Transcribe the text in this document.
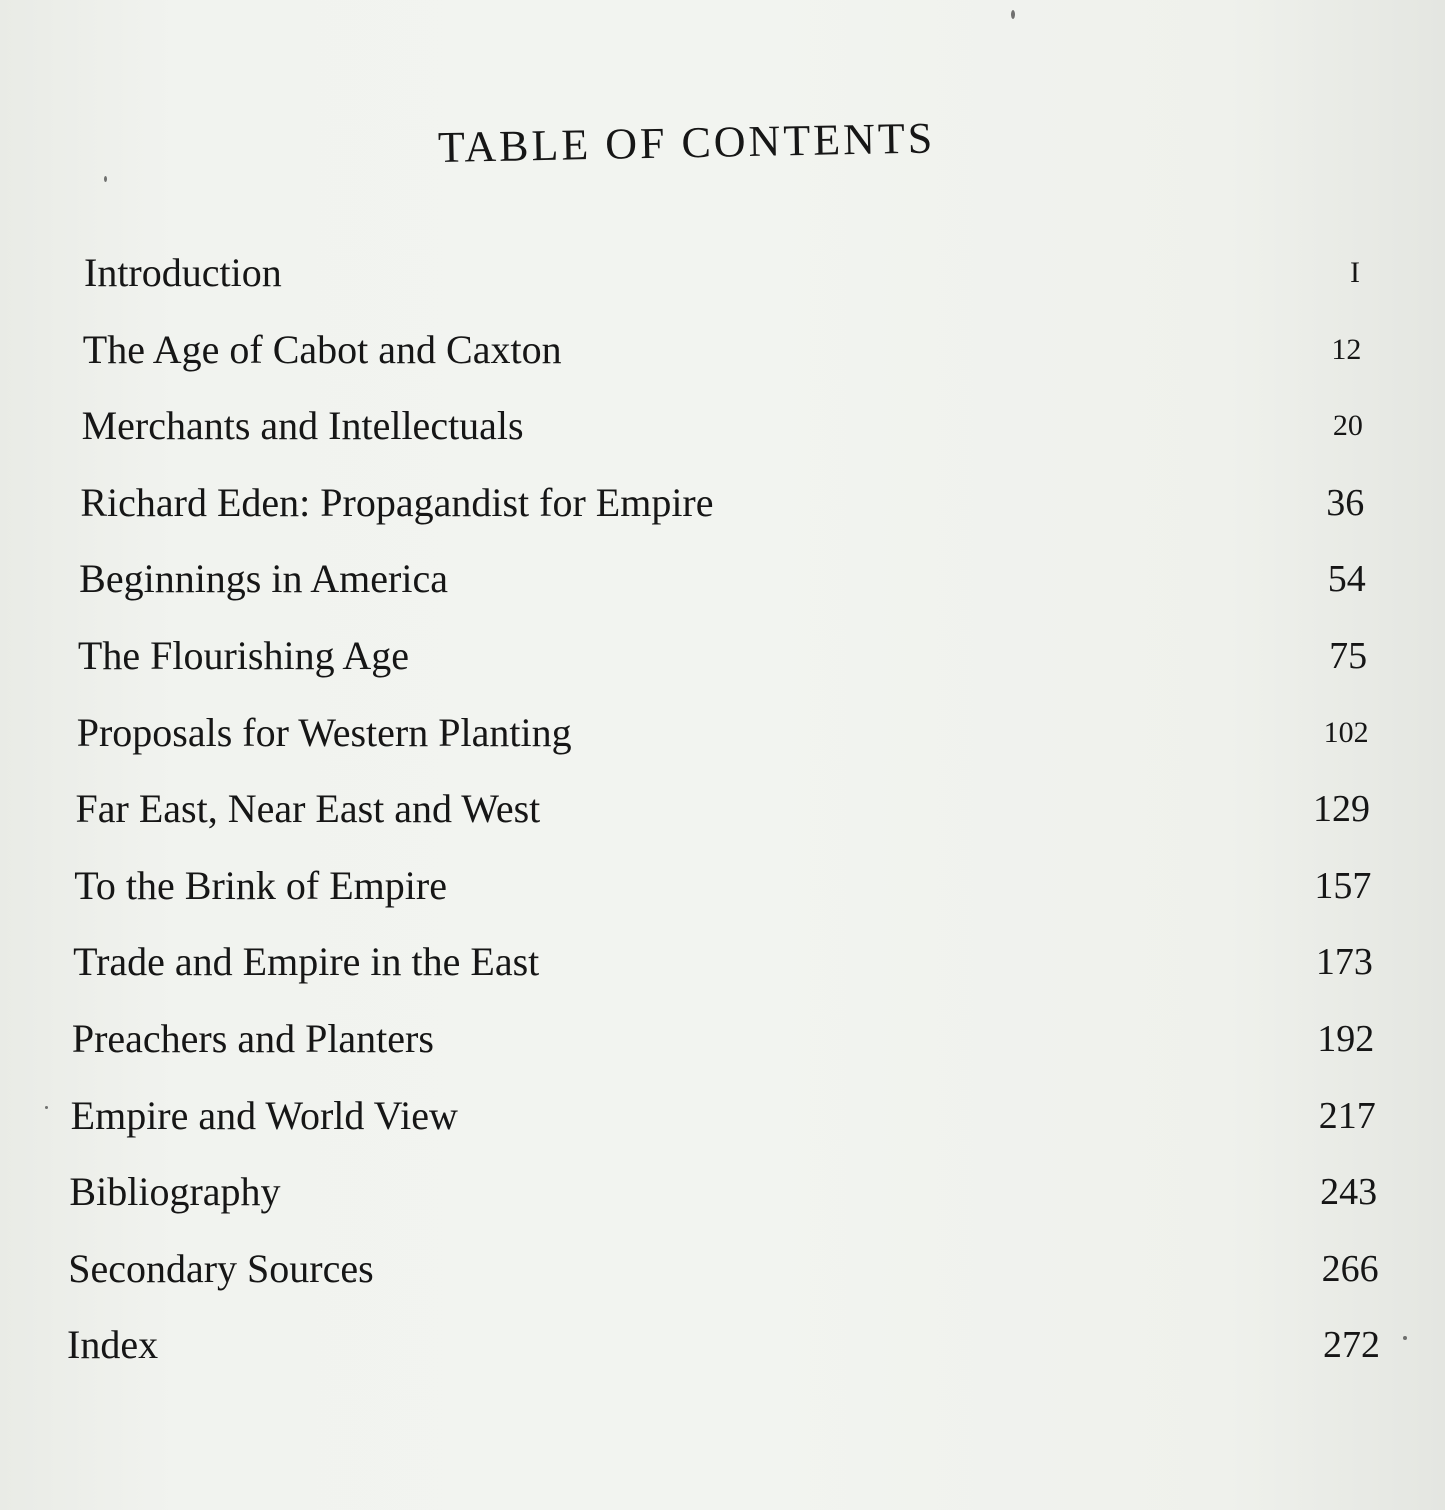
TABLE OF CONTENTS
Introduction	I
The Age of Cabot and Caxton	12
Merchants and Intellectuals	20
Richard Eden: Propagandist for Empire	36
Beginnings in America	54
The Flourishing Age	75
Proposals for Western Planting	102
Far East, Near East and West	129
To the Brink of Empire	157
Trade and Empire in the East	173
Preachers and Planters	192
Empire and World View	217
Bibliography	243
Secondary Sources	266
Index	272
